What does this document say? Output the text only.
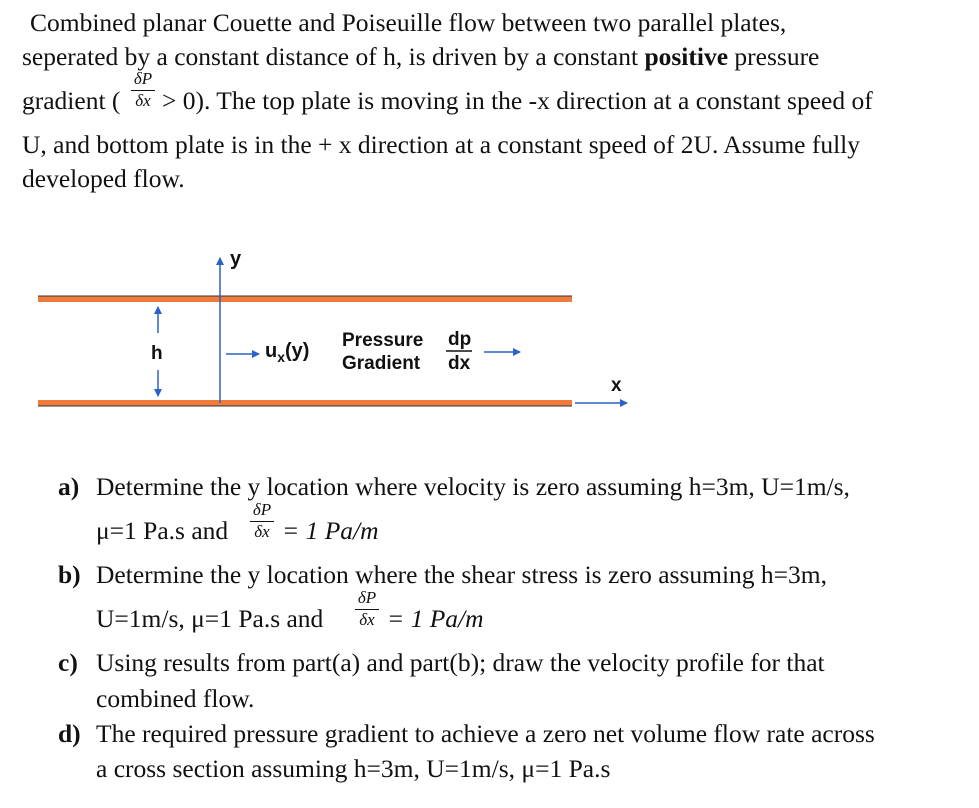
Combined planar Couette and Poiseuille flow between two parallel plates,
seperated by a constant distance of h, is driven by a constant positive pressure
gradient (
δP
δx > 0). The top plate is moving in the -x direction at a constant speed of
U, and bottom plate is in the + x direction at a constant speed of 2U. Assume fully
developed flow.
y
h	$u_x(y)$ Pressure
Gradient
dp
dx
x
a) Determine the y location where velocity is zero assuming h=3m, U=1m/s,
μ=1 Pa.s and
δP
δx = 1 Pa/m
b) Determine the y location where the shear stress is zero assuming h=3m,
U=1m/s, μ=1 Pa.s and
δP
δx = 1 Pa/m
c) Using results from part(a) and part(b); draw the velocity profile for that
combined flow.
d) The required pressure gradient to achieve a zero net volume flow rate across
a cross section assuming h=3m, U=1m/s, μ=1 Pa.s
